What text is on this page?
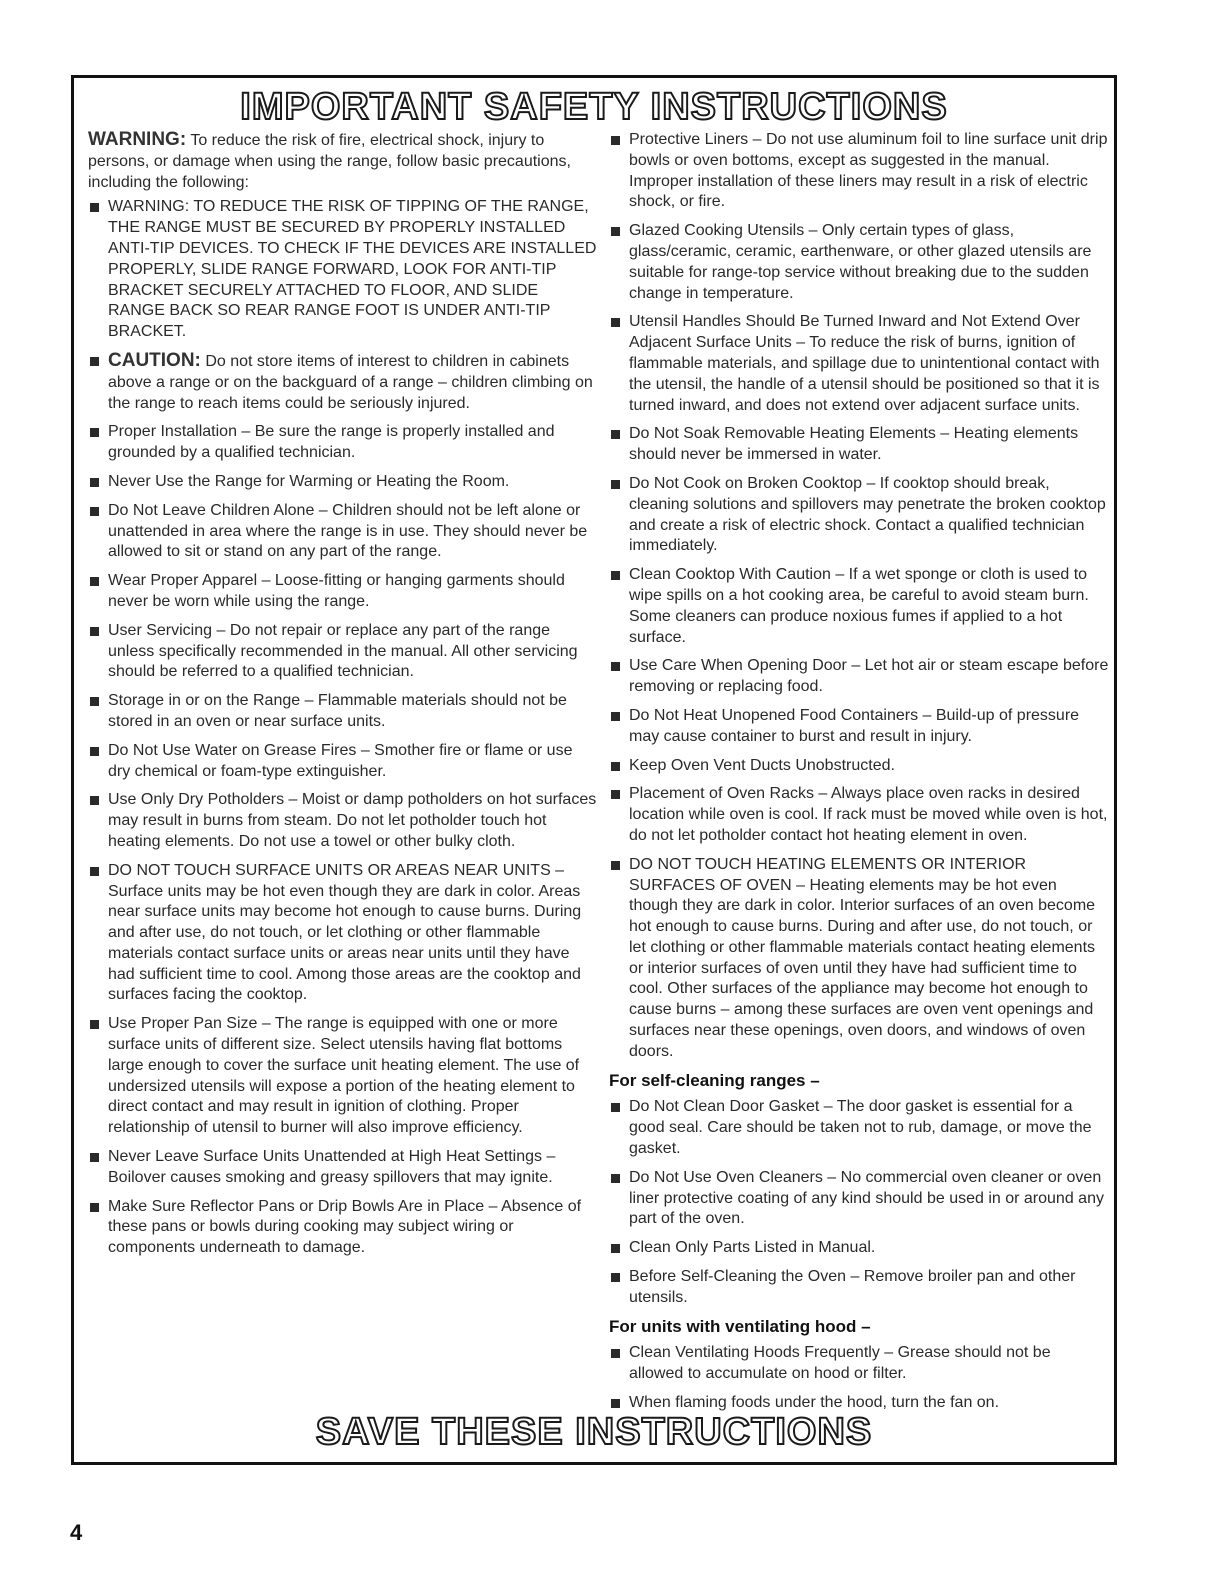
IMPORTANT SAFETY INSTRUCTIONS

WARNING: To reduce the risk of fire, electrical shock, injury to persons, or damage when using the range, follow basic precautions, including the following:

WARNING: TO REDUCE THE RISK OF TIPPING OF THE RANGE, THE RANGE MUST BE SECURED BY PROPERLY INSTALLED ANTI-TIP DEVICES. TO CHECK IF THE DEVICES ARE INSTALLED PROPERLY, SLIDE RANGE FORWARD, LOOK FOR ANTI-TIP BRACKET SECURELY ATTACHED TO FLOOR, AND SLIDE RANGE BACK SO REAR RANGE FOOT IS UNDER ANTI-TIP BRACKET.
CAUTION: Do not store items of interest to children in cabinets above a range or on the backguard of a range – children climbing on the range to reach items could be seriously injured.
Proper Installation – Be sure the range is properly installed and grounded by a qualified technician.
Never Use the Range for Warming or Heating the Room.
Do Not Leave Children Alone – Children should not be left alone or unattended in area where the range is in use. They should never be allowed to sit or stand on any part of the range.
Wear Proper Apparel – Loose-fitting or hanging garments should never be worn while using the range.
User Servicing – Do not repair or replace any part of the range unless specifically recommended in the manual. All other servicing should be referred to a qualified technician.
Storage in or on the Range – Flammable materials should not be stored in an oven or near surface units.
Do Not Use Water on Grease Fires – Smother fire or flame or use dry chemical or foam-type extinguisher.
Use Only Dry Potholders – Moist or damp potholders on hot surfaces may result in burns from steam. Do not let potholder touch hot heating elements. Do not use a towel or other bulky cloth.
DO NOT TOUCH SURFACE UNITS OR AREAS NEAR UNITS – Surface units may be hot even though they are dark in color. Areas near surface units may become hot enough to cause burns. During and after use, do not touch, or let clothing or other flammable materials contact surface units or areas near units until they have had sufficient time to cool. Among those areas are the cooktop and surfaces facing the cooktop.
Use Proper Pan Size – The range is equipped with one or more surface units of different size. Select utensils having flat bottoms large enough to cover the surface unit heating element. The use of undersized utensils will expose a portion of the heating element to direct contact and may result in ignition of clothing. Proper relationship of utensil to burner will also improve efficiency.
Never Leave Surface Units Unattended at High Heat Settings – Boilover causes smoking and greasy spillovers that may ignite.
Make Sure Reflector Pans or Drip Bowls Are in Place – Absence of these pans or bowls during cooking may subject wiring or components underneath to damage.
Protective Liners – Do not use aluminum foil to line surface unit drip bowls or oven bottoms, except as suggested in the manual. Improper installation of these liners may result in a risk of electric shock, or fire.
Glazed Cooking Utensils – Only certain types of glass, glass/ceramic, ceramic, earthenware, or other glazed utensils are suitable for range-top service without breaking due to the sudden change in temperature.
Utensil Handles Should Be Turned Inward and Not Extend Over Adjacent Surface Units – To reduce the risk of burns, ignition of flammable materials, and spillage due to unintentional contact with the utensil, the handle of a utensil should be positioned so that it is turned inward, and does not extend over adjacent surface units.
Do Not Soak Removable Heating Elements – Heating elements should never be immersed in water.
Do Not Cook on Broken Cooktop – If cooktop should break, cleaning solutions and spillovers may penetrate the broken cooktop and create a risk of electric shock. Contact a qualified technician immediately.
Clean Cooktop With Caution – If a wet sponge or cloth is used to wipe spills on a hot cooking area, be careful to avoid steam burn. Some cleaners can produce noxious fumes if applied to a hot surface.
Use Care When Opening Door – Let hot air or steam escape before removing or replacing food.
Do Not Heat Unopened Food Containers – Build-up of pressure may cause container to burst and result in injury.
Keep Oven Vent Ducts Unobstructed.
Placement of Oven Racks – Always place oven racks in desired location while oven is cool. If rack must be moved while oven is hot, do not let potholder contact hot heating element in oven.
DO NOT TOUCH HEATING ELEMENTS OR INTERIOR SURFACES OF OVEN – Heating elements may be hot even though they are dark in color. Interior surfaces of an oven become hot enough to cause burns. During and after use, do not touch, or let clothing or other flammable materials contact heating elements or interior surfaces of oven until they have had sufficient time to cool. Other surfaces of the appliance may become hot enough to cause burns – among these surfaces are oven vent openings and surfaces near these openings, oven doors, and windows of oven doors.
For self-cleaning ranges –
Do Not Clean Door Gasket – The door gasket is essential for a good seal. Care should be taken not to rub, damage, or move the gasket.
Do Not Use Oven Cleaners – No commercial oven cleaner or oven liner protective coating of any kind should be used in or around any part of the oven.
Clean Only Parts Listed in Manual.
Before Self-Cleaning the Oven – Remove broiler pan and other utensils.
For units with ventilating hood –
Clean Ventilating Hoods Frequently – Grease should not be allowed to accumulate on hood or filter.
When flaming foods under the hood, turn the fan on.
SAVE THESE INSTRUCTIONS
4
